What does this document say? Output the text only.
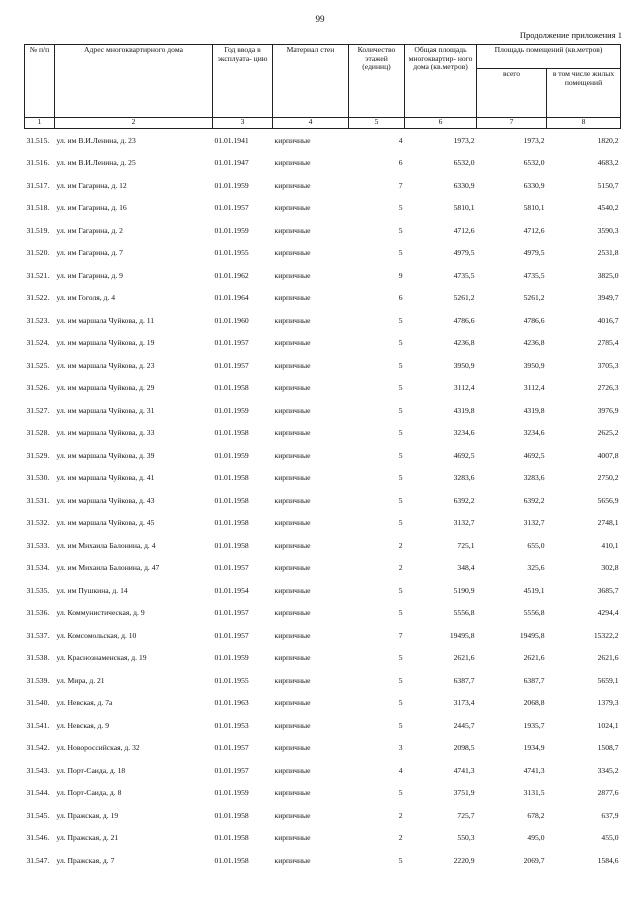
99
Продолжение приложения 1
№ п/п	Адрес многоквартирного дома	Год ввода в эксплуата- цию	Материал стен	Количество этажей (единиц)	Общая площадь многоквартир- ного дома (кв.метров)	Площадь помещений (кв.метров)	
						всего	в том числе жилых помещений
1	2	3	4	5	6	7	8
31.515.	ул. им В.И.Ленина, д. 23	01.01.1941	кирпичные	4	1973,2	1973,2	1820,2
31.516.	ул. им В.И.Ленина, д. 25	01.01.1947	кирпичные	6	6532,0	6532,0	4683,2
31.517.	ул. им Гагарина, д. 12	01.01.1959	кирпичные	7	6330,9	6330,9	5150,7
31.518.	ул. им Гагарина, д. 16	01.01.1957	кирпичные	5	5810,1	5810,1	4540,2
31.519.	ул. им Гагарина, д. 2	01.01.1959	кирпичные	5	4712,6	4712,6	3590,3
31.520.	ул. им Гагарина, д. 7	01.01.1955	кирпичные	5	4979,5	4979,5	2531,8
31.521.	ул. им Гагарина, д. 9	01.01.1962	кирпичные	9	4735,5	4735,5	3825,0
31.522.	ул. им Гоголя, д. 4	01.01.1964	кирпичные	6	5261,2	5261,2	3949,7
31.523.	ул. им маршала Чуйкова, д. 11	01.01.1960	кирпичные	5	4786,6	4786,6	4016,7
31.524.	ул. им маршала Чуйкова, д. 19	01.01.1957	кирпичные	5	4236,8	4236,8	2785,4
31.525.	ул. им маршала Чуйкова, д. 23	01.01.1957	кирпичные	5	3950,9	3950,9	3705,3
31.526.	ул. им маршала Чуйкова, д. 29	01.01.1958	кирпичные	5	3112,4	3112,4	2726,3
31.527.	ул. им маршала Чуйкова, д. 31	01.01.1959	кирпичные	5	4319,8	4319,8	3976,9
31.528.	ул. им маршала Чуйкова, д. 33	01.01.1958	кирпичные	5	3234,6	3234,6	2625,2
31.529.	ул. им маршала Чуйкова, д. 39	01.01.1959	кирпичные	5	4692,5	4692,5	4007,8
31.530.	ул. им маршала Чуйкова, д. 41	01.01.1958	кирпичные	5	3283,6	3283,6	2750,2
31.531.	ул. им маршала Чуйкова, д. 43	01.01.1958	кирпичные	5	6392,2	6392,2	5656,9
31.532.	ул. им маршала Чуйкова, д. 45	01.01.1958	кирпичные	5	3132,7	3132,7	2748,1
31.533.	ул. им Михаила Балонина, д. 4	01.01.1958	кирпичные	2	725,1	655,0	410,1
31.534.	ул. им Михаила Балонина, д. 47	01.01.1957	кирпичные	2	348,4	325,6	302,8
31.535.	ул. им Пушкина, д. 14	01.01.1954	кирпичные	5	5190,9	4519,1	3685,7
31.536.	ул. Коммунистическая, д. 9	01.01.1957	кирпичные	5	5556,8	5556,8	4294,4
31.537.	ул. Комсомольская, д. 10	01.01.1957	кирпичные	7	19495,8	19495,8	15322,2
31.538.	ул. Краснознаменская, д. 19	01.01.1959	кирпичные	5	2621,6	2621,6	2621,6
31.539.	ул. Мира, д. 21	01.01.1955	кирпичные	5	6387,7	6387,7	5659,1
31.540.	ул. Невская, д. 7а	01.01.1963	кирпичные	5	3173,4	2068,8	1379,3
31.541.	ул. Невская, д. 9	01.01.1953	кирпичные	5	2445,7	1935,7	1024,1
31.542.	ул. Новороссийская, д. 32	01.01.1957	кирпичные	3	2098,5	1934,9	1508,7
31.543.	ул. Порт-Саида, д. 18	01.01.1957	кирпичные	4	4741,3	4741,3	3345,2
31.544.	ул. Порт-Саида, д. 8	01.01.1959	кирпичные	5	3751,9	3131,5	2877,6
31.545.	ул. Пражская, д. 19	01.01.1958	кирпичные	2	725,7	678,2	637,9
31.546.	ул. Пражская, д. 21	01.01.1958	кирпичные	2	550,3	495,0	455,0
31.547.	ул. Пражская, д. 7	01.01.1958	кирпичные	5	2220,9	2069,7	1584,6
